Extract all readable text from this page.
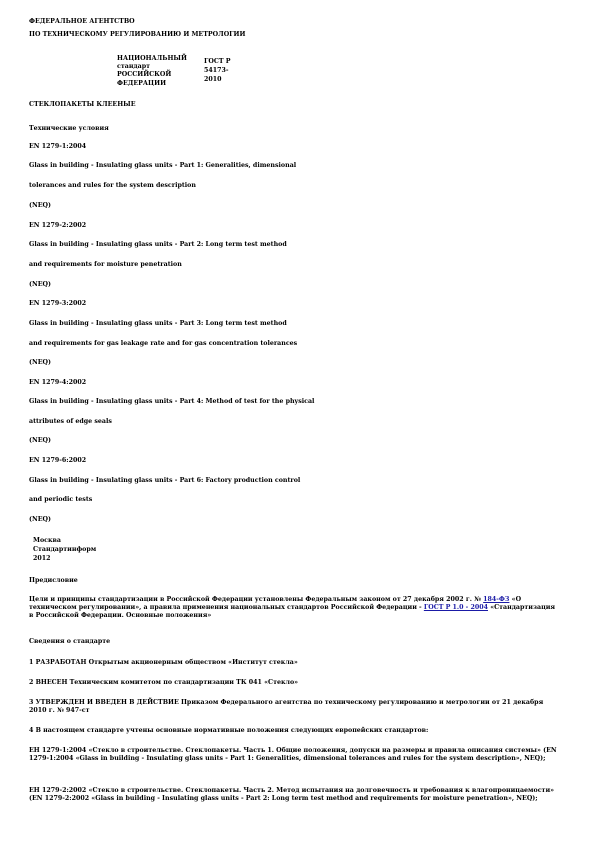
ФЕДЕРАЛЬНОЕ АГЕНТСТВО
ПО ТЕХНИЧЕСКОМУ РЕГУЛИРОВАНИЮ И МЕТРОЛОГИИ
НАЦИОНАЛЬНЫЙ
стандарт
РОССИЙСКОЙ
ФЕДЕРАЦИИ
ГОСТ Р
54173-
2010
СТЕКЛОПАКЕТЫ КЛЕЕНЫЕ
Технические условия
EN 1279-1:2004
Glass in building - Insulating glass units - Part 1: Generalities, dimensional
tolerances and rules for the system description
(NEQ)
EN 1279-2:2002
Glass in building - Insulating glass units - Part 2: Long term test method
and requirements for moisture penetration
(NEQ)
EN 1279-3:2002
Glass in building - Insulating glass units - Part 3: Long term test method
and requirements for gas leakage rate and for gas concentration tolerances
(NEQ)
EN 1279-4:2002
Glass in building - Insulating glass units - Part 4: Method of test for the physical
attributes of edge seals
(NEQ)
EN 1279-6:2002
Glass in building - Insulating glass units - Part 6: Factory production control
and periodic tests
(NEQ)
Москва
Стандартинформ
2012
Предисловие
Цели и принципы стандартизации в Российской Федерации установлены Федеральным законом от 27 декабря 2002 г. № 184-ФЗ «О техническом регулировании», а правила применения национальных стандартов Российской Федерации - ГОСТ Р 1.0 - 2004 «Стандартизация в Российской Федерации. Основные положения»
Сведения о стандарте
1 РАЗРАБОТАН Открытым акционерным обществом «Институт стекла»
2 ВНЕСЕН Техническим комитетом по стандартизации ТК 041 «Стекло»
3 УТВЕРЖДЕН И ВВЕДЕН В ДЕЙСТВИЕ Приказом Федерального агентства по техническому регулированию и метрологии от 21 декабря 2010 г. № 947-ст
4 В настоящем стандарте учтены основные нормативные положения следующих европейских стандартов:
ЕН 1279-1:2004 «Стекло в строительстве. Стеклопакеты. Часть 1. Общие положения, допуски на размеры и правила описания системы» (EN 1279-1:2004 «Glass in building - Insulating glass units - Part 1: Generalities, dimensional tolerances and rules for the system description», NEQ);
ЕН 1279-2:2002 «Стекло в строительстве. Стеклопакеты. Часть 2. Метод испытания на долговечность и требования к влагопроницаемости» (EN 1279-2:2002 «Glass in building - Insulating glass units - Part 2: Long term test method and requirements for moisture penetration», NEQ);
